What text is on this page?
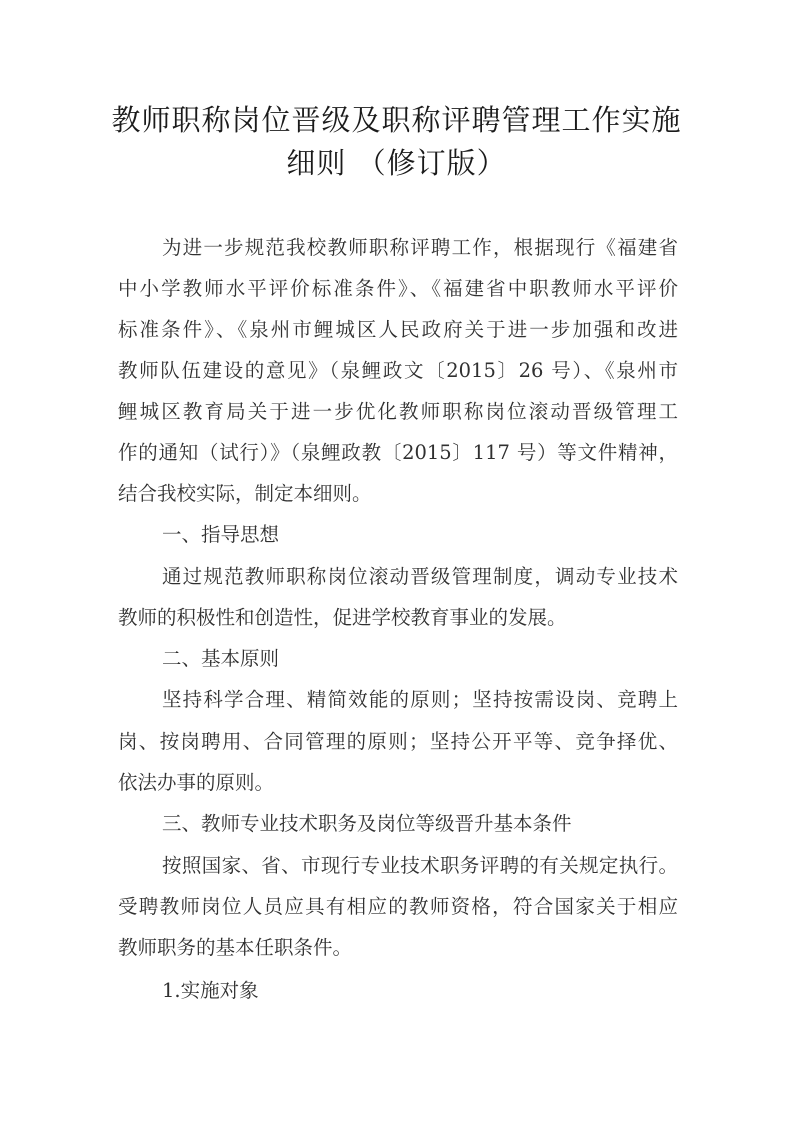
教师职称岗位晋级及职称评聘管理工作实施
细则 （修订版）
为进一步规范我校教师职称评聘工作，根据现行《福建省
中小学教师水平评价标准条件》、《福建省中职教师水平评价
标准条件》、《泉州市鲤城区人民政府关于进一步加强和改进
教师队伍建设的意见》（泉鲤政文〔2015〕26 号）、《泉州市
鲤城区教育局关于进一步优化教师职称岗位滚动晋级管理工
作的通知（试行）》（泉鲤政教〔2015〕117 号）等文件精神，
结合我校实际，制定本细则。
一、指导思想
通过规范教师职称岗位滚动晋级管理制度，调动专业技术
教师的积极性和创造性，促进学校教育事业的发展。
二、基本原则
坚持科学合理、精简效能的原则；坚持按需设岗、竞聘上
岗、按岗聘用、合同管理的原则；坚持公开平等、竞争择优、
依法办事的原则。
三、教师专业技术职务及岗位等级晋升基本条件
按照国家、省、市现行专业技术职务评聘的有关规定执行。
受聘教师岗位人员应具有相应的教师资格，符合国家关于相应
教师职务的基本任职条件。
1.实施对象
